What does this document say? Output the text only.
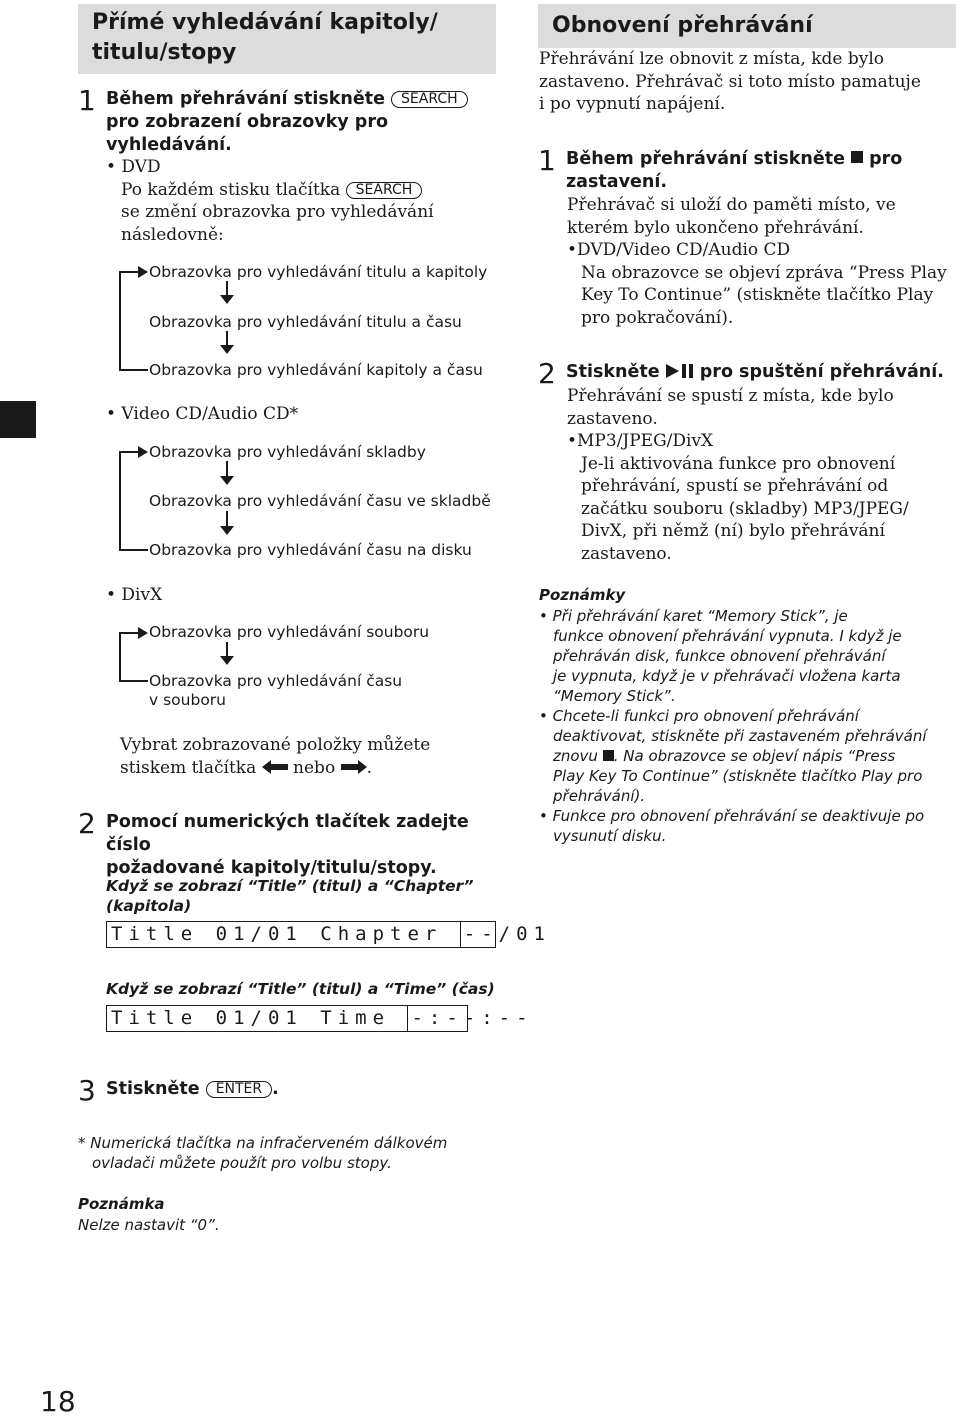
Přímé vyhledávání kapitoly/
titulu/stopy
1 Během přehrávání stiskněte SEARCH
pro zobrazení obrazovky pro
vyhledávání.
• DVD
Po každém stisku tlačítka SEARCH
se změní obrazovka pro vyhledávání
následovně:
Obrazovka pro vyhledávání titulu a kapitoly
Obrazovka pro vyhledávání titulu a času
Obrazovka pro vyhledávání kapitoly a času
• Video CD/Audio CD*
Obrazovka pro vyhledávání skladby
Obrazovka pro vyhledávání času ve skladbě
Obrazovka pro vyhledávání času na disku
• DivX
Obrazovka pro vyhledávání souboru
Obrazovka pro vyhledávání času
v souboru
Vybrat zobrazované položky můžete
stiskem tlačítka nebo .
2 Pomocí numerických tlačítek zadejte číslo
požadované kapitoly/titulu/stopy.
Když se zobrazí “Title” (titul) a “Chapter”
(kapitola)
Title 01/01 Chapter --/01
Když se zobrazí “Title” (titul) a “Time” (čas)
Title 01/01 Time -:--:--
3 Stiskněte ENTER .
* Numerická tlačítka na infračerveném dálkovém
ovladači můžete použít pro volbu stopy.
Poznámka
Nelze nastavit “0”.
Obnovení přehrávání
Přehrávání lze obnovit z místa, kde bylo
zastaveno. Přehrávač si toto místo pamatuje
i po vypnutí napájení.
1 Během přehrávání stiskněte pro
zastavení.
Přehrávač si uloží do paměti místo, ve
kterém bylo ukončeno přehrávání.
•DVD/Video CD/Audio CD
Na obrazovce se objeví zpráva “Press Play
Key To Continue” (stiskněte tlačítko Play
pro pokračování).
2 Stiskněte pro spuštění přehrávání.
Přehrávání se spustí z místa, kde bylo
zastaveno.
•MP3/JPEG/DivX
Je-li aktivována funkce pro obnovení
přehrávání, spustí se přehrávání od
začátku souboru (skladby) MP3/JPEG/
DivX, při němž (ní) bylo přehrávání
zastaveno.
Poznámky
• Při přehrávání karet “Memory Stick”, je
funkce obnovení přehrávání vypnuta. I když je
přehráván disk, funkce obnovení přehrávání
je vypnuta, když je v přehrávači vložena karta
“Memory Stick”.
• Chcete-li funkci pro obnovení přehrávání
deaktivovat, stiskněte při zastaveném přehrávání
znovu . Na obrazovce se objeví nápis “Press
Play Key To Continue” (stiskněte tlačítko Play pro
přehrávání).
• Funkce pro obnovení přehrávání se deaktivuje po
vysunutí disku.
18
